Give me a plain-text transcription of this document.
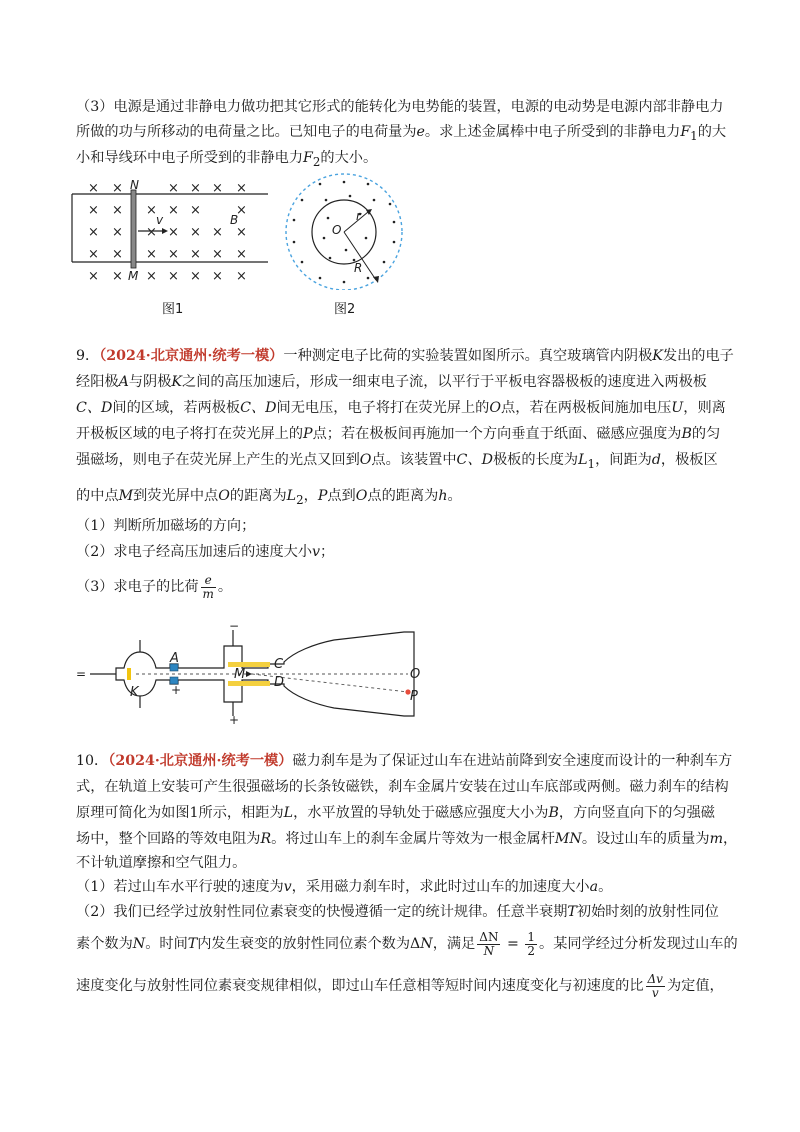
（3）电源是通过非静电力做功把其它形式的能转化为电势能的装置，电源的电动势是电源内部非静电力
所做的功与所移动的电荷量之比。已知电子的电荷量为e。求上述金属棒中电子所受到的非静电力$F_1$的大
小和导线环中电子所受到的非静电力$F_2$的大小。
× ×	× × × ×
× × × × ×	×
× × × × × × ×
× × × × × × ×
× × × × × × ×
N
M
v	B
图1
O
r
R
图2
9．（2024·北京通州·统考一模）一种测定电子比荷的实验装置如图所示。真空玻璃管内阴极K发出的电子
经阳极A与阴极K之间的高压加速后，形成一细束电子流，以平行于平板电容器极板的速度进入两极板
C、D间的区域，若两极板C、D间无电压，电子将打在荧光屏上的O点，若在两极板间施加电压U，则离
开极板区域的电子将打在荧光屏上的P点；若在极板间再施加一个方向垂直于纸面、磁感应强度为B的匀
强磁场，则电子在荧光屏上产生的光点又回到O点。该装置中C、D极板的长度为$L_1$，间距为d，极板区
的中点M到荧光屏中点O的距离为$L_2$，P点到O点的距离为h。
（1）判断所加磁场的方向；
（2）求电子经高压加速后的速度大小v；
（3）求电子的比荷 $\frac{e}{m}$ 。
A
K
M
C
D
O
P
=
−
+
+
10．（2024·北京通州·统考一模）磁力刹车是为了保证过山车在进站前降到安全速度而设计的一种刹车方
式，在轨道上安装可产生很强磁场的长条钕磁铁，刹车金属片安装在过山车底部或两侧。磁力刹车的结构
原理可简化为如图1所示，相距为L，水平放置的导轨处于磁感应强度大小为B，方向竖直向下的匀强磁
场中，整个回路的等效电阻为R。将过山车上的刹车金属片等效为一根金属杆MN。设过山车的质量为m，
不计轨道摩擦和空气阻力。
（1）若过山车水平行驶的速度为v，采用磁力刹车时，求此时过山车的加速度大小a。
（2）我们已经学过放射性同位素衰变的快慢遵循一定的统计规律。任意半衰期T初始时刻的放射性同位
素个数为N。时间T内发生衰变的放射性同位素个数为ΔN，满足 $\frac{\Delta N}{N} = \frac{1}{2}$ 。某同学经过分析发现过山车的
速度变化与放射性同位素衰变规律相似，即过山车任意相等短时间内速度变化与初速度的比 $\frac{\Delta v}{v}$ 为定值，
